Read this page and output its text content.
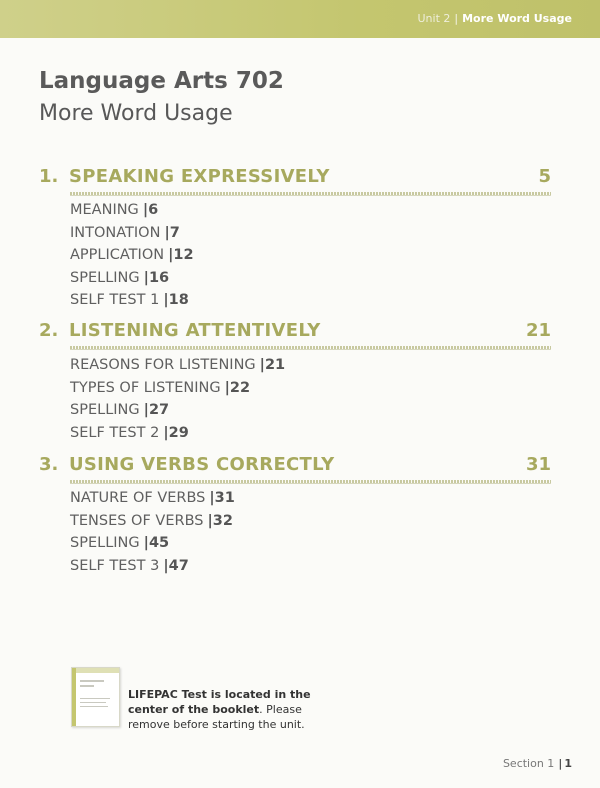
Unit 2 | More Word Usage
Language Arts 702
More Word Usage
1. SPEAKING EXPRESSIVELY	5
MEANING |6
INTONATION |7
APPLICATION |12
SPELLING |16
SELF TEST 1 |18
2. LISTENING ATTENTIVELY	21
REASONS FOR LISTENING |21
TYPES OF LISTENING |22
SPELLING |27
SELF TEST 2 |29
3. USING VERBS CORRECTLY	31
NATURE OF VERBS |31
TENSES OF VERBS |32
SPELLING |45
SELF TEST 3 |47
LIFEPAC Test is located in the center of the booklet. Please remove before starting the unit.
Section 1 | 1
